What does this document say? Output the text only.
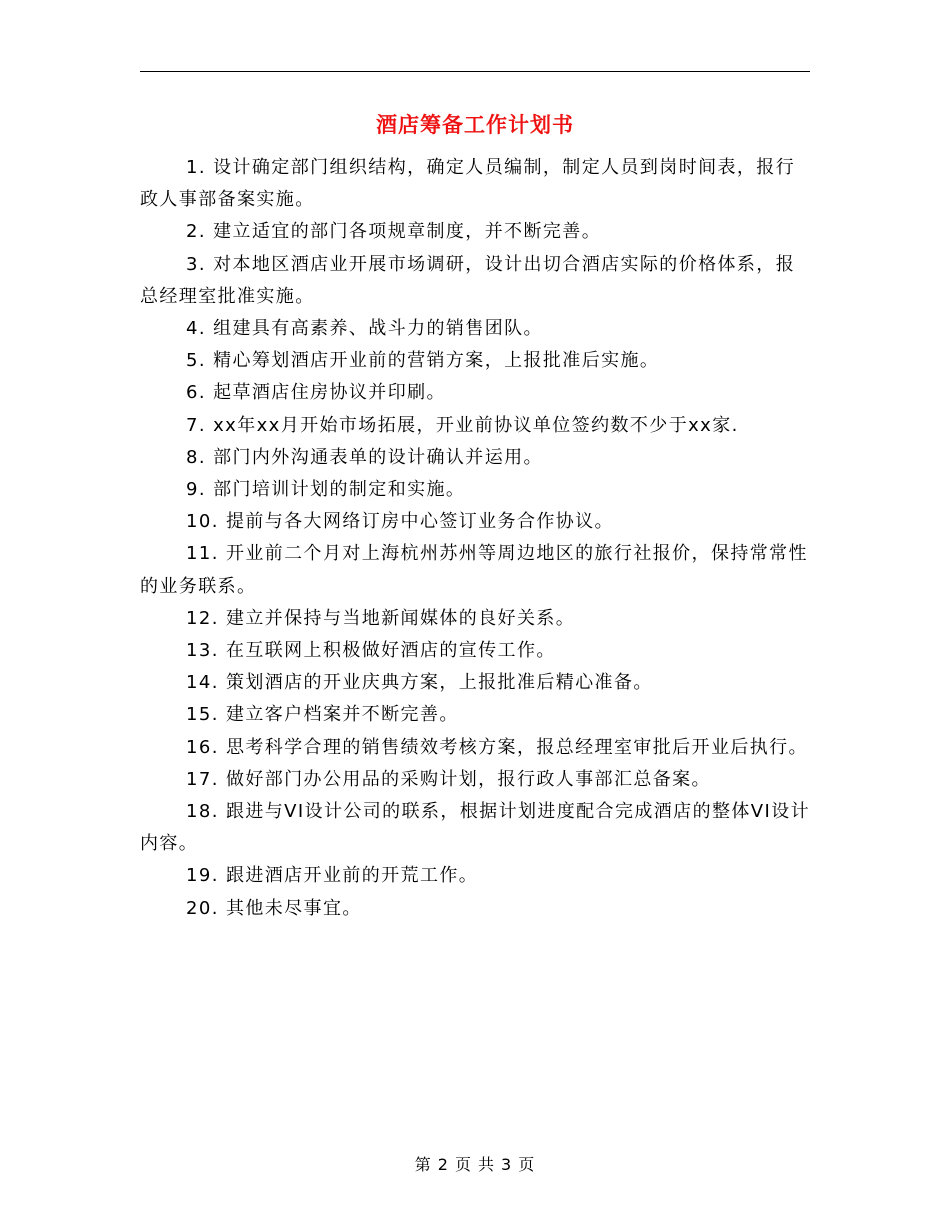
酒店筹备工作计划书

1. 设计确定部门组织结构，确定人员编制，制定人员到岗时间表，报行政人事部备案实施。

2. 建立适宜的部门各项规章制度，并不断完善。

3. 对本地区酒店业开展市场调研，设计出切合酒店实际的价格体系，报总经理室批准实施。

4. 组建具有高素养、战斗力的销售团队。

5. 精心筹划酒店开业前的营销方案，上报批准后实施。

6. 起草酒店住房协议并印刷。

7. xx年xx月开始市场拓展，开业前协议单位签约数不少于xx家.

8. 部门内外沟通表单的设计确认并运用。

9. 部门培训计划的制定和实施。

10. 提前与各大网络订房中心签订业务合作协议。

11. 开业前二个月对上海杭州苏州等周边地区的旅行社报价，保持常常性的业务联系。

12. 建立并保持与当地新闻媒体的良好关系。

13. 在互联网上积极做好酒店的宣传工作。

14. 策划酒店的开业庆典方案，上报批准后精心准备。

15. 建立客户档案并不断完善。

16. 思考科学合理的销售绩效考核方案，报总经理室审批后开业后执行。

17. 做好部门办公用品的采购计划，报行政人事部汇总备案。

18. 跟进与VI设计公司的联系，根据计划进度配合完成酒店的整体VI设计内容。

19. 跟进酒店开业前的开荒工作。

20. 其他未尽事宜。

第 2 页 共 3 页
